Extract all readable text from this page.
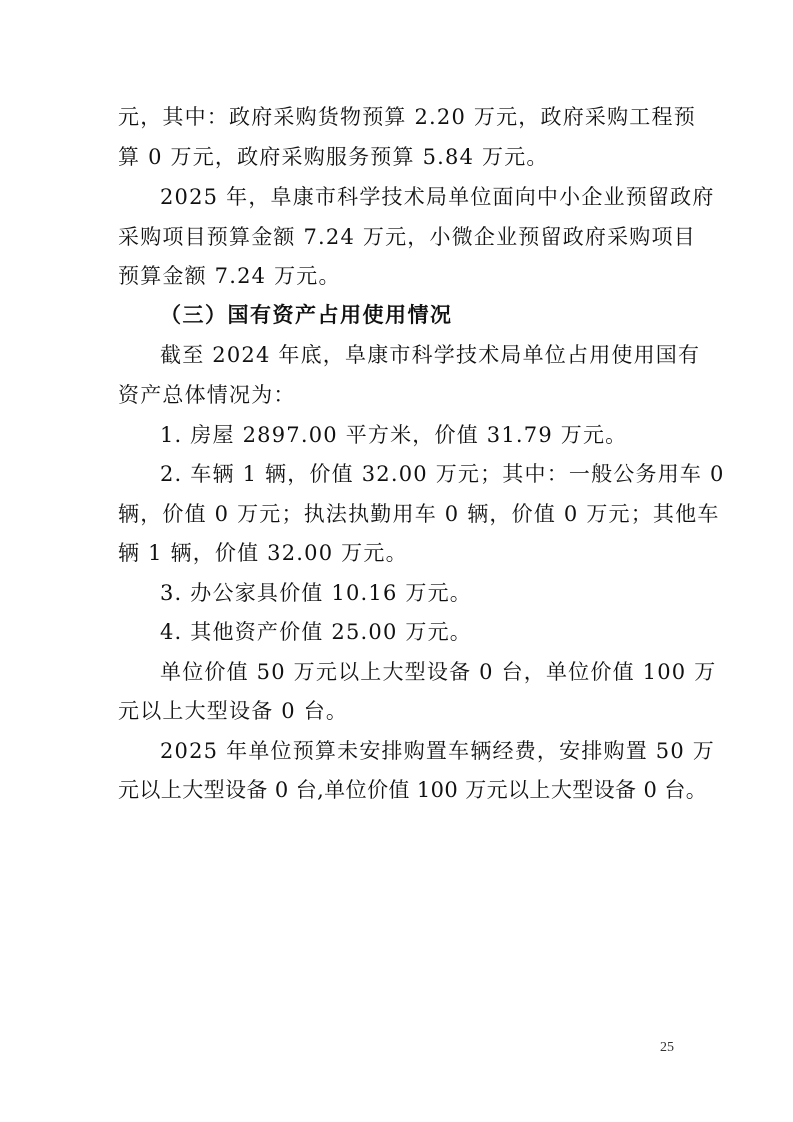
元，其中：政府采购货物预算 2.20 万元，政府采购工程预
算 0 万元，政府采购服务预算 5.84 万元。
2025 年，阜康市科学技术局单位面向中小企业预留政府
采购项目预算金额 7.24 万元，小微企业预留政府采购项目
预算金额 7.24 万元。
（三）国有资产占用使用情况
截至 2024 年底，阜康市科学技术局单位占用使用国有
资产总体情况为：
1. 房屋 2897.00 平方米，价值 31.79 万元。
2. 车辆 1 辆，价值 32.00 万元；其中：一般公务用车 0
辆，价值 0 万元；执法执勤用车 0 辆，价值 0 万元；其他车
辆 1 辆，价值 32.00 万元。
3. 办公家具价值 10.16 万元。
4. 其他资产价值 25.00 万元。
单位价值 50 万元以上大型设备 0 台，单位价值 100 万
元以上大型设备 0 台。
2025 年单位预算未安排购置车辆经费，安排购置 50 万
元以上大型设备 0 台,单位价值 100 万元以上大型设备 0 台。
25
